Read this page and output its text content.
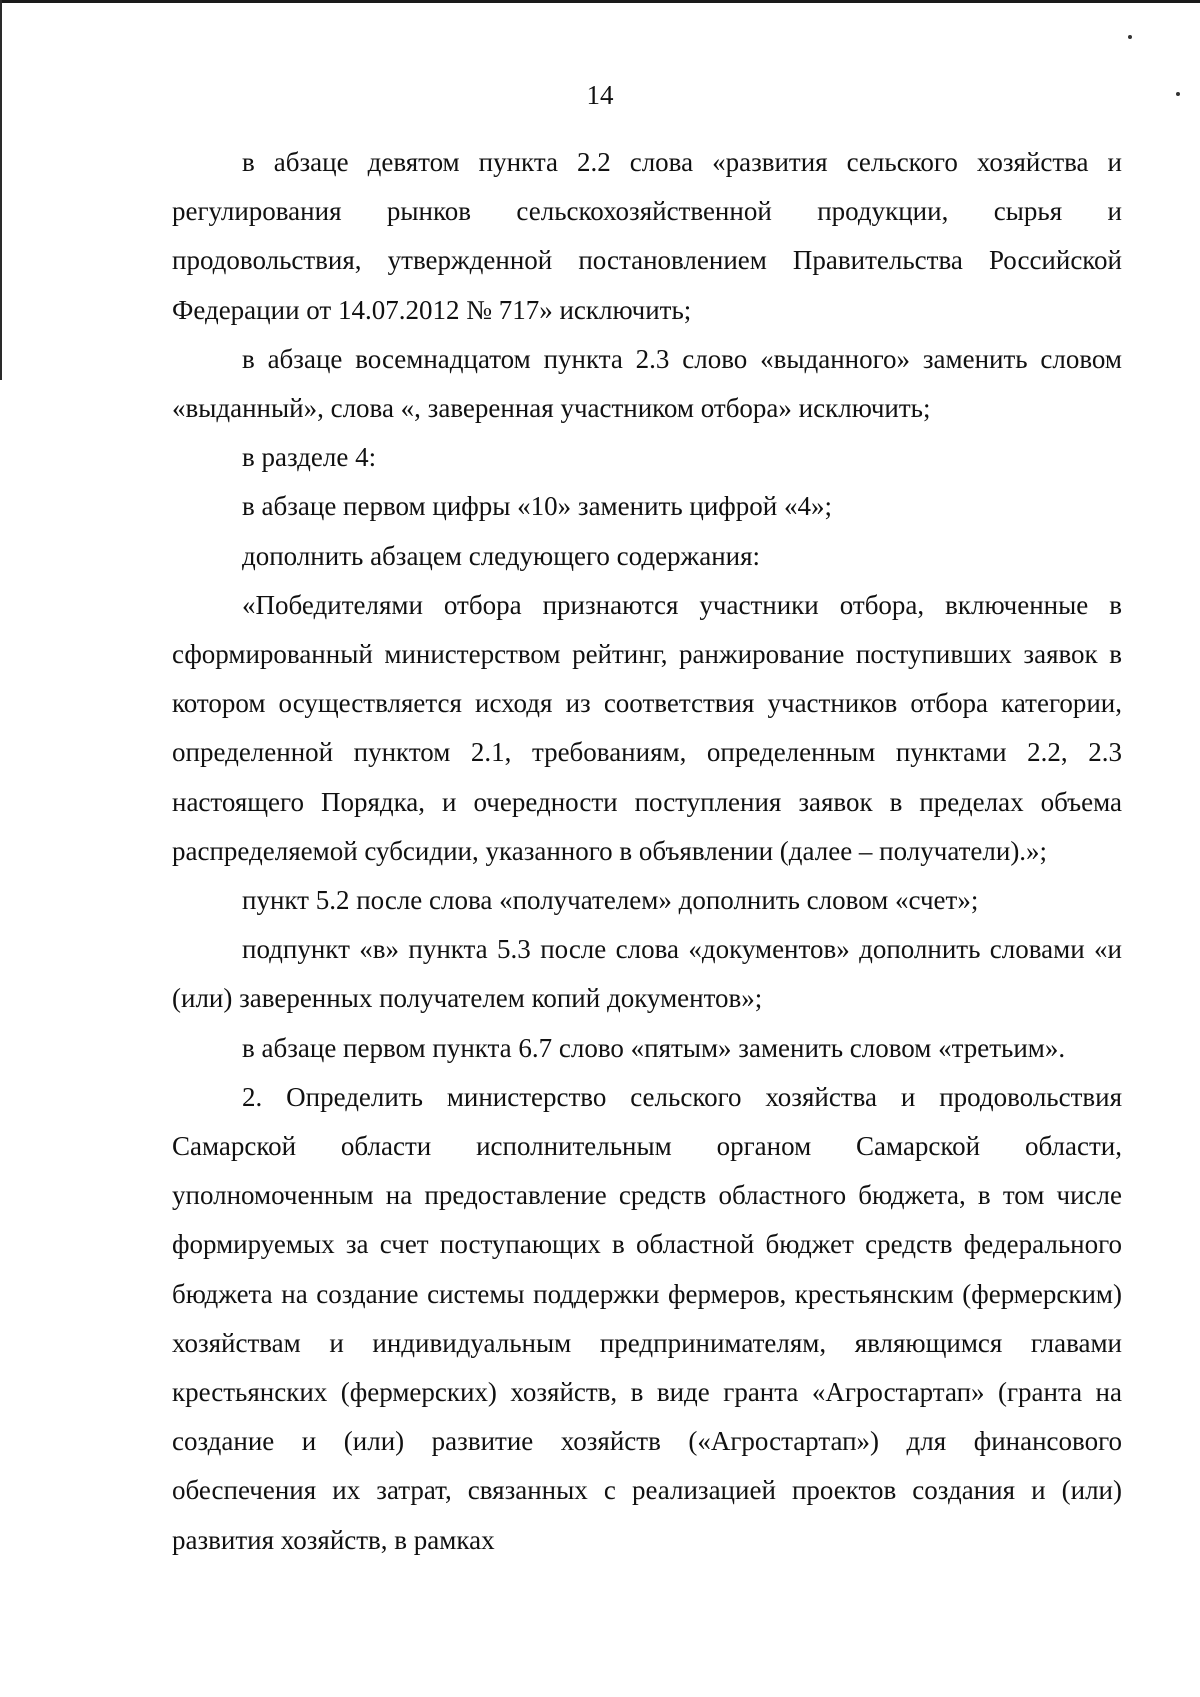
14

в абзаце девятом пункта 2.2 слова «развития сельского хозяйства и регулирования рынков сельскохозяйственной продукции, сырья и продовольствия, утвержденной постановлением Правительства Российской Федерации от 14.07.2012 № 717» исключить;

в абзаце восемнадцатом пункта 2.3 слово «выданного» заменить словом «выданный», слова «, заверенная участником отбора» исключить;

в разделе 4:

в абзаце первом цифры «10» заменить цифрой «4»;

дополнить абзацем следующего содержания:

«Победителями отбора признаются участники отбора, включенные в сформированный министерством рейтинг, ранжирование поступивших заявок в котором осуществляется исходя из соответствия участников отбора категории, определенной пунктом 2.1, требованиям, определенным пунктами 2.2, 2.3 настоящего Порядка, и очередности поступления заявок в пределах объема распределяемой субсидии, указанного в объявлении (далее – получатели).»;

пункт 5.2 после слова «получателем» дополнить словом «счет»;

подпункт «в» пункта 5.3 после слова «документов» дополнить словами «и (или) заверенных получателем копий документов»;

в абзаце первом пункта 6.7 слово «пятым» заменить словом «третьим».

2. Определить министерство сельского хозяйства и продовольствия Самарской области исполнительным органом Самарской области, уполномоченным на предоставление средств областного бюджета, в том числе формируемых за счет поступающих в областной бюджет средств федерального бюджета на создание системы поддержки фермеров, крестьянским (фермерским) хозяйствам и индивидуальным предпринимателям, являющимся главами крестьянских (фермерских) хозяйств, в виде гранта «Агростартап» (гранта на создание и (или) развитие хозяйств («Агростартап») для финансового обеспечения их затрат, связанных с реализацией проектов создания и (или) развития хозяйств, в рамках
